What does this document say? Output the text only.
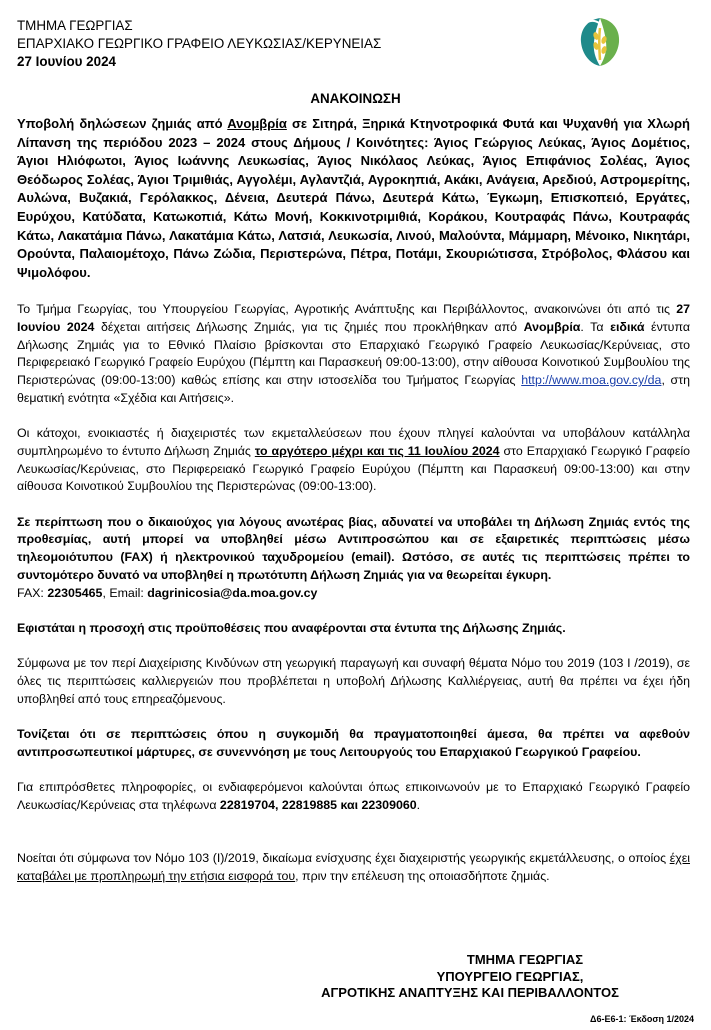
ΤΜΗΜΑ ΓΕΩΡΓΙΑΣ
ΕΠΑΡΧΙΑΚΟ ΓΕΩΡΓΙΚΟ ΓΡΑΦΕΙΟ ΛΕΥΚΩΣΙΑΣ/ΚΕΡΥΝΕΙΑΣ
27 Ιουνίου 2024
ΑΝΑΚΟΙΝΩΣΗ

Υποβολή δηλώσεων ζημιάς από Ανομβρία σε Σιτηρά, Ξηρικά Κτηνοτροφικά Φυτά και Ψυχανθή για Χλωρή Λίπανση της περιόδου 2023 – 2024 στους Δήμους / Κοινότητες: Άγιος Γεώργιος Λεύκας, Άγιος Δομέτιος, Άγιοι Ηλιόφωτοι, Άγιος Ιωάννης Λευκωσίας, Άγιος Νικόλαος Λεύκας, Άγιος Επιφάνιος Σολέας, Άγιος Θεόδωρος Σολέας, Άγιοι Τριμιθιάς, Αγγολέμι, Αγλαντζιά, Αγροκηπιά, Ακάκι, Ανάγεια, Αρεδιού, Αστρομερίτης, Αυλώνα, Βυζακιά, Γερόλακκος, Δένεια, Δευτερά Πάνω, Δευτερά Κάτω, Έγκωμη, Επισκοπειό, Εργάτες, Ευρύχου, Κατύδατα, Κατωκοπιά, Κάτω Μονή, Κοκκινοτριμιθιά, Κοράκου, Κουτραφάς Πάνω, Κουτραφάς Κάτω, Λακατάμια Πάνω, Λακατάμια Κάτω, Λατσιά, Λευκωσία, Λινού, Μαλούντα, Μάμμαρη, Μένοικο, Νικητάρι, Ορούντα, Παλαιομέτοχο, Πάνω Ζώδια, Περιστερώνα, Πέτρα, Ποτάμι, Σκουριώτισσα, Στρόβολος, Φλάσου και Ψιμολόφου.

Το Τμήμα Γεωργίας, του Υπουργείου Γεωργίας, Αγροτικής Ανάπτυξης και Περιβάλλοντος, ανακοινώνει ότι από τις 27 Ιουνίου 2024 δέχεται αιτήσεις Δήλωσης Ζημιάς, για τις ζημιές που προκλήθηκαν από Ανομβρία. Τα ειδικά έντυπα Δήλωσης Ζημιάς για το Εθνικό Πλαίσιο βρίσκονται στο Επαρχιακό Γεωργικό Γραφείο Λευκωσίας/Κερύνειας, στο Περιφερειακό Γεωργικό Γραφείο Ευρύχου (Πέμπτη και Παρασκευή 09:00-13:00), στην αίθουσα Κοινοτικού Συμβουλίου της Περιστερώνας (09:00-13:00) καθώς επίσης και στην ιστοσελίδα του Τμήματος Γεωργίας http://www.moa.gov.cy/da, στη θεματική ενότητα «Σχέδια και Αιτήσεις».

Οι κάτοχοι, ενοικιαστές ή διαχειριστές των εκμεταλλεύσεων που έχουν πληγεί καλούνται να υποβάλουν κατάλληλα συμπληρωμένο το έντυπο Δήλωση Ζημιάς το αργότερο μέχρι και τις 11 Ιουλίου 2024 στο Επαρχιακό Γεωργικό Γραφείο Λευκωσίας/Κερύνειας, στο Περιφερειακό Γεωργικό Γραφείο Ευρύχου (Πέμπτη και Παρασκευή 09:00-13:00) και στην αίθουσα Κοινοτικού Συμβουλίου της Περιστερώνας (09:00-13:00).

Σε περίπτωση που ο δικαιούχος για λόγους ανωτέρας βίας, αδυνατεί να υποβάλει τη Δήλωση Ζημιάς εντός της προθεσμίας, αυτή μπορεί να υποβληθεί μέσω Αντιπροσώπου και σε εξαιρετικές περιπτώσεις μέσω τηλεομοιότυπου (FAX) ή ηλεκτρονικού ταχυδρομείου (email). Ωστόσο, σε αυτές τις περιπτώσεις πρέπει το συντομότερο δυνατό να υποβληθεί η πρωτότυπη Δήλωση Ζημιάς για να θεωρείται έγκυρη.
FAX: 22305465, Email: dagrinicosia@da.moa.gov.cy

Εφιστάται η προσοχή στις προϋποθέσεις που αναφέρονται στα έντυπα της Δήλωσης Ζημιάς.

Σύμφωνα με τον περί Διαχείρισης Κινδύνων στη γεωργική παραγωγή και συναφή θέματα Νόμο του 2019 (103 Ι /2019), σε όλες τις περιπτώσεις καλλιεργειών που προβλέπεται η υποβολή Δήλωσης Καλλιέργειας, αυτή θα πρέπει να έχει ήδη υποβληθεί από τους επηρεαζόμενους.

Τονίζεται ότι σε περιπτώσεις όπου η συγκομιδή θα πραγματοποιηθεί άμεσα, θα πρέπει να αφεθούν αντιπροσωπευτικοί μάρτυρες, σε συνεννόηση με τους Λειτουργούς του Επαρχιακού Γεωργικού Γραφείου.

Για επιπρόσθετες πληροφορίες, οι ενδιαφερόμενοι καλούνται όπως επικοινωνούν με το Επαρχιακό Γεωργικό Γραφείο Λευκωσίας/Κερύνειας στα τηλέφωνα 22819704, 22819885 και 22309060.

Νοείται ότι σύμφωνα τον Νόμο 103 (Ι)/2019, δικαίωμα ενίσχυσης έχει διαχειριστής γεωργικής εκμετάλλευσης, ο οποίος έχει καταβάλει με προπληρωμή την ετήσια εισφορά του, πριν την επέλευση της οποιασδήποτε ζημιάς.

ΤΜΗΜΑ ΓΕΩΡΓΙΑΣ
ΥΠΟΥΡΓΕΙΟ ΓΕΩΡΓΙΑΣ,
ΑΓΡΟΤΙΚΗΣ ΑΝΑΠΤΥΞΗΣ ΚΑΙ ΠΕΡΙΒΑΛΛΟΝΤΟΣ
Δ6-Ε6-1: Έκδοση 1/2024
